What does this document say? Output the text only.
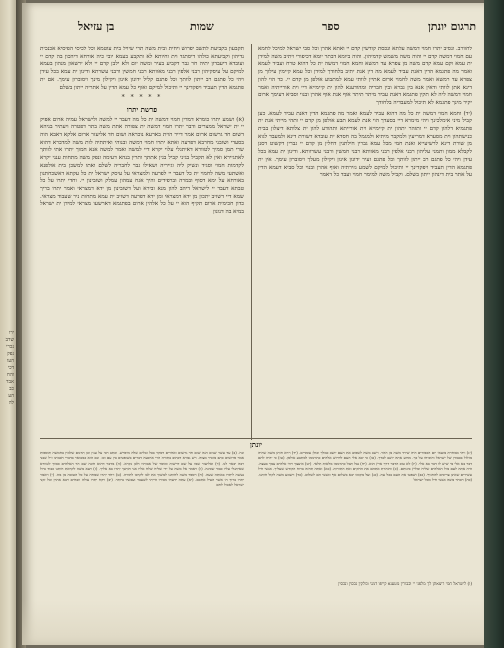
ירו
שדב
נכרי
נפק
העו
דכי
והח
אבד
כב
הע
לה
בן עזיאל	שמות	ספר	תרגום יונתן
תקבעון בקביעת לתשב יפרוש ויחית ובית משה תרי שיויל בית עוטמא וכל לכיסי הפיסיא אכנכית נדיהון וקביעתא כולהו דיסתגד וית וחיותא לא ותקבע בעמא יובי כיה אורחא דיהכון בה קדם יי ועובדא דיעבדון יתיה חר גבר דקביע בעיר ומשה יום ולא ילבן קדם יי ולא ירשאון מנהון בעמא למיקם על עיסקיהון רבני אלפין רבני מאוותא רבני חמשין ורבני עשרתא ודינון ית עמא בכל עידן ויהי כל פתגם רב ייתון לוותך וכל פתגם קליל ידונון אינון ויקילון מינך ויסוברון עימך. אם ית פתגמא הדין תעביד ויפקדינך יי ותיכול למיקם ואוף כל עמא הדין על אתריה ייתון בשלם
* * * * *
פרשת יתרו
(א) ושמע יתרו כומרא דמדין חמוי דמשה ית כל מה דעבד יי למשה ולישראל עמיה ארום אפיק יי ית ישראל ממצרים ודבר יתרו חמוי דמשה ית צפורה אתת משה בתר דפטרה ויעתיר בניהא דשום חד גרשום ארום אמר דייר הוית בארעא נוכראה ושום חד אליעזר ארום אלקא דאבא הוה בסעדי ושזבני מחרבא דפרעה ואתא יתרו חמוי דמשה ובנוהי ואיתתיה לות משה למדברא דהוא שרי תמן סמיך לטוורא דאיתגלי עלוי יקרא דיי למשה ואמר למשה אנא חמוך יתרו אתי לוותך לאתגיירא ואין לא תקביל בגיני קביל בגין אתתך ותרין בנהא דעימה ונפק משה מתחות ענני יקרא לקדמות חמוי וסגיד ונשיק ליה וגייריה ושאילו גבר לחבריה לשלם ואתו למשכן בית אולפנא ואשתעי משה לחמוי ית כל דעבד יי לפרעה ולמצראי על עיסק ישראל ית כל עקתא דאשכחתנון באורחא על ימא דסוף ובמרה וברפידים והיך אגח עמהון עמלק ושזבינון יי. וחדי יתרו על כל טבתא דעבד יי לישראל דיהב להון מנא ובירא ועל דשזבינון מן ידא דמצראי ואמר יתרו בריך שמא דיי דשזיב יתכון מן ידא דמצראי ומן ידא דפרעה דשזיב ית עמא מתחות ניר שעבוד מצראי. כדון חכימית ארום תקיף הוא יי על כל אלהין ארום בפתגמא דארשעו מצראי למידן ית ישראל במיא בה דנונון
לחוורב. ונסיב יתרו חמוי דמשה עלתא ונכסת קודשין קדם יי ואתא אהרן וכל סבי ישראל למיכל לחמא עם חמוי דמשה קדם יי והוה משה משמש קדמיהון. והוה ביומא דבתר יומא דכיפורי ויתיב משה למידן ית עמא וקם עמא קדם משה מן צפרא עד רמשא וחמא חמוי דמשה ית כל דהוא טרח ועביד לעמא ואמר מה פתגמא הדין דאנת עביד לעמא מה דין אנת יתיב בלחודך למידן וכל עמא קיימין עילוך מן צפרא עד רמשא ואמר משה לחמוי ארום אתיין לוותי עמא למתבוע אולפן מן קדם יי. כד הוי להון דינא אתן לוותי ודאין אנא בין גברא ובין חבריה ומהודענא להון ית קיימייא דיי וית אורייתיה ואמר חמוי דמשה ליה לא תקין פתגמא דאנת עביד מיתר תיתר אוף אנת אוף אהרן ובנוי וסביא דעימך ארום יקיר מינך פתגמא לא תיכול למעבדיה בלחודך
(יד) וחמא חמוי דמשה ית כל מה דהוא עביד לעמא ואמר מה פתגמא הדין דאנת עביד לעמא. כען קביל מיני אימלכינך ויהי מימרא דיי בסעדך הוי אנת לעמא תבע אולפן מן קדם יי ותהי מייתי אנת ית פתגמיא דלהון קדם יי ותזהר יתהון ית קיימייא וית אורייתא ותהודע להון ית צלותא דיצלון בבית כנישתהון וית מסערא דמריעין ולמקבר מיתיא ולמגמל בה חסדא ית עובדא דשורת דינא ולמעבד לגוא מן שורת דינא לרשיעייא ואנת חמי מכל עמא גברין חילתנין דחלין מן קדם יי גברין דקשוט דסנן לקבלא ממון ותמני עליהון רבני אלפין רבני מאוותא רבני חמשין ורבני עשרוותא. ודינון ית עמא בכל עידן ויהי כל פתגם רב ייתון לוותך וכל פתגם זעיר ידונון אינון ויקילון מעלך ויסוברון עימך. אין ית פתגמא הדין תעביד ויפקדינך יי ותיכול למיקם לשמע גזירתיה ואוף אהרן ובנוי וכל סביא דעמא הדין על אתר בית דינהון ייתון בשלם. וקביל משה למימר חמוי ועבד כל דאמר
יונתן
ונח. (ב) עד עשר שנים הנה שום חד גרשום ואחרים דסקר בכל זבלים שלה מיפרש. וכתב רבי על ענין וכן תרגום שלמין בחמשה תוספות אמר פרושים כתב מזכיר מצוה. ויש גמרא דכתוב בתורה הרי ארבעה דברים בשופטים בין עם וכו. וגם הוא כמבואר בדברי חכמינו ז״ל שבני רבה יבאר לנו. (ד) ואליעזר שמו על שם דרשות ומוסר של אבותיו ולכן נקרא. (ה) מדבר דהוא חונה שם הר האלהים סמוך לטוורא שאיתגלי עליו כבוד שכינה. (ו) ויאמר אל משה על ידי שליח שלח אליו אני חותנך יתרו בא אליך. (ז) ויצא משה לקראת חותנו כבוד גדול נעשה ליתרו באותה שעה. (ח) ויספר משה לחותנו למשוך את לבו לקרבו לתורה. (ט) ויחד יתרו שמחה על כל הטובה מן מה. (י) ויאמר יתרו ברוך ה׳ אשר הציל אתכם. (יא) עתה ידעתי מכירו הייתי לשעבר ועכשיו ביותר. (יב) ויקח יתרו עולה וזבחים ויבא אהרן וכל זקני ישראל לאכול לחם
(יג) ויהי ממחרת מוצאי יום הכפורים היה שירד משה מן ההר. וישב משה לשפוט את העם יושב כמלך וכולן עומדים. (יד) וירא חותן משה שהיה מזלזל בכבודן של ישראל והוכיחו על כך. מדוע אתה יושב לבדך. (טו) כי יבא אלי העם לדרוש אלהים כתרגומו למתבע אולפן. (טז) כי יהיה להם דבר בא אלי מי שיש לו דבר בא אלי. (יז) לא טוב הדבר דרך ארץ הוא. (יח) נבל תבל כתרגומו מלאות תלאי. (יט) איעצך ויהי אלהים עמך בעצה. היה אתה לעם מול האלהים שליח ומליץ בינותם. (כ) והזהרת אתהם את החקים ואת התורות. (כא) ואתה תחזה ברוח הקודש שעליך. אנשי חיל עשירים שאינן צריכים להחניף. (כב) ושפטו את העם בכל עת. (כג) ועל מקומו יבא בשלום אף ואנשי הם לשלום. (כד) וישמע משה לקול חותנו. (כה) ויבחר משה אנשי חיל מכל ישראל
(ו) לישראל חמי ריצאתן לך מלפני יי וכבורין מטענא קייפו דמגי ומלקין נכסין ונכסין
